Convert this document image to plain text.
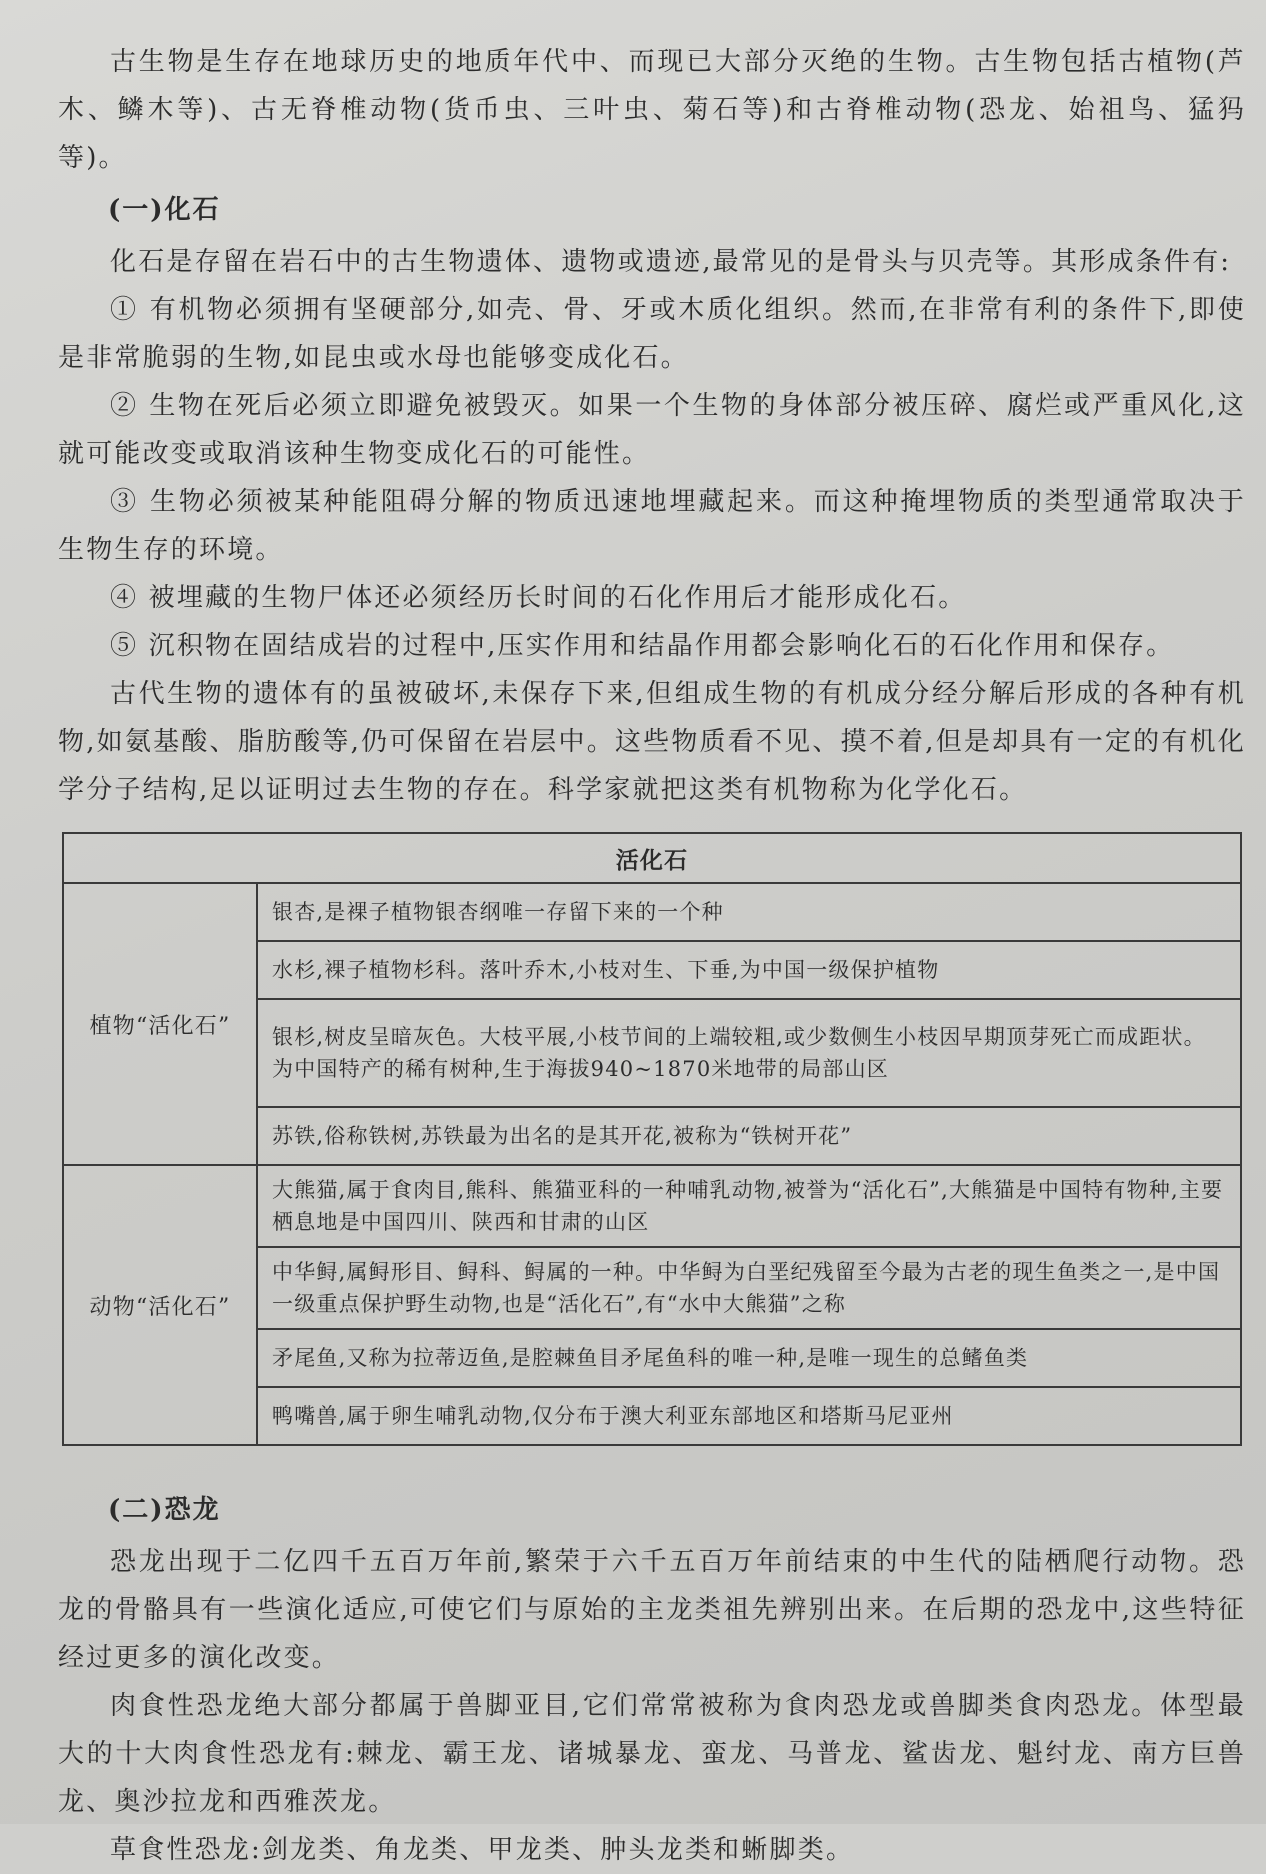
古生物是生存在地球历史的地质年代中、而现已大部分灭绝的生物。古生物包括古植物(芦木、鳞木等)、古无脊椎动物(货币虫、三叶虫、菊石等)和古脊椎动物(恐龙、始祖鸟、猛犸等)。

(一)化石

化石是存留在岩石中的古生物遗体、遗物或遗迹,最常见的是骨头与贝壳等。其形成条件有:

① 有机物必须拥有坚硬部分,如壳、骨、牙或木质化组织。然而,在非常有利的条件下,即使是非常脆弱的生物,如昆虫或水母也能够变成化石。

② 生物在死后必须立即避免被毁灭。如果一个生物的身体部分被压碎、腐烂或严重风化,这就可能改变或取消该种生物变成化石的可能性。

③ 生物必须被某种能阻碍分解的物质迅速地埋藏起来。而这种掩埋物质的类型通常取决于生物生存的环境。

④ 被埋藏的生物尸体还必须经历长时间的石化作用后才能形成化石。

⑤ 沉积物在固结成岩的过程中,压实作用和结晶作用都会影响化石的石化作用和保存。

古代生物的遗体有的虽被破坏,未保存下来,但组成生物的有机成分经分解后形成的各种有机物,如氨基酸、脂肪酸等,仍可保留在岩层中。这些物质看不见、摸不着,但是却具有一定的有机化学分子结构,足以证明过去生物的存在。科学家就把这类有机物称为化学化石。

活化石	
植物“活化石”	银杏,是裸子植物银杏纲唯一存留下来的一个种
	水杉,裸子植物杉科。落叶乔木,小枝对生、下垂,为中国一级保护植物
	银杉,树皮呈暗灰色。大枝平展,小枝节间的上端较粗,或少数侧生小枝因早期顶芽死亡而成距状。为中国特产的稀有树种,生于海拔940~1870米地带的局部山区
	苏铁,俗称铁树,苏铁最为出名的是其开花,被称为“铁树开花”
动物“活化石”	大熊猫,属于食肉目,熊科、熊猫亚科的一种哺乳动物,被誉为“活化石”,大熊猫是中国特有物种,主要栖息地是中国四川、陕西和甘肃的山区
	中华鲟,属鲟形目、鲟科、鲟属的一种。中华鲟为白垩纪残留至今最为古老的现生鱼类之一,是中国一级重点保护野生动物,也是“活化石”,有“水中大熊猫”之称
	矛尾鱼,又称为拉蒂迈鱼,是腔棘鱼目矛尾鱼科的唯一种,是唯一现生的总鳍鱼类
	鸭嘴兽,属于卵生哺乳动物,仅分布于澳大利亚东部地区和塔斯马尼亚州
(二)恐龙

恐龙出现于二亿四千五百万年前,繁荣于六千五百万年前结束的中生代的陆栖爬行动物。恐龙的骨骼具有一些演化适应,可使它们与原始的主龙类祖先辨别出来。在后期的恐龙中,这些特征经过更多的演化改变。

肉食性恐龙绝大部分都属于兽脚亚目,它们常常被称为食肉恐龙或兽脚类食肉恐龙。体型最大的十大肉食性恐龙有:棘龙、霸王龙、诸城暴龙、蛮龙、马普龙、鲨齿龙、魁纣龙、南方巨兽龙、奥沙拉龙和西雅茨龙。

草食性恐龙:剑龙类、角龙类、甲龙类、肿头龙类和蜥脚类。
